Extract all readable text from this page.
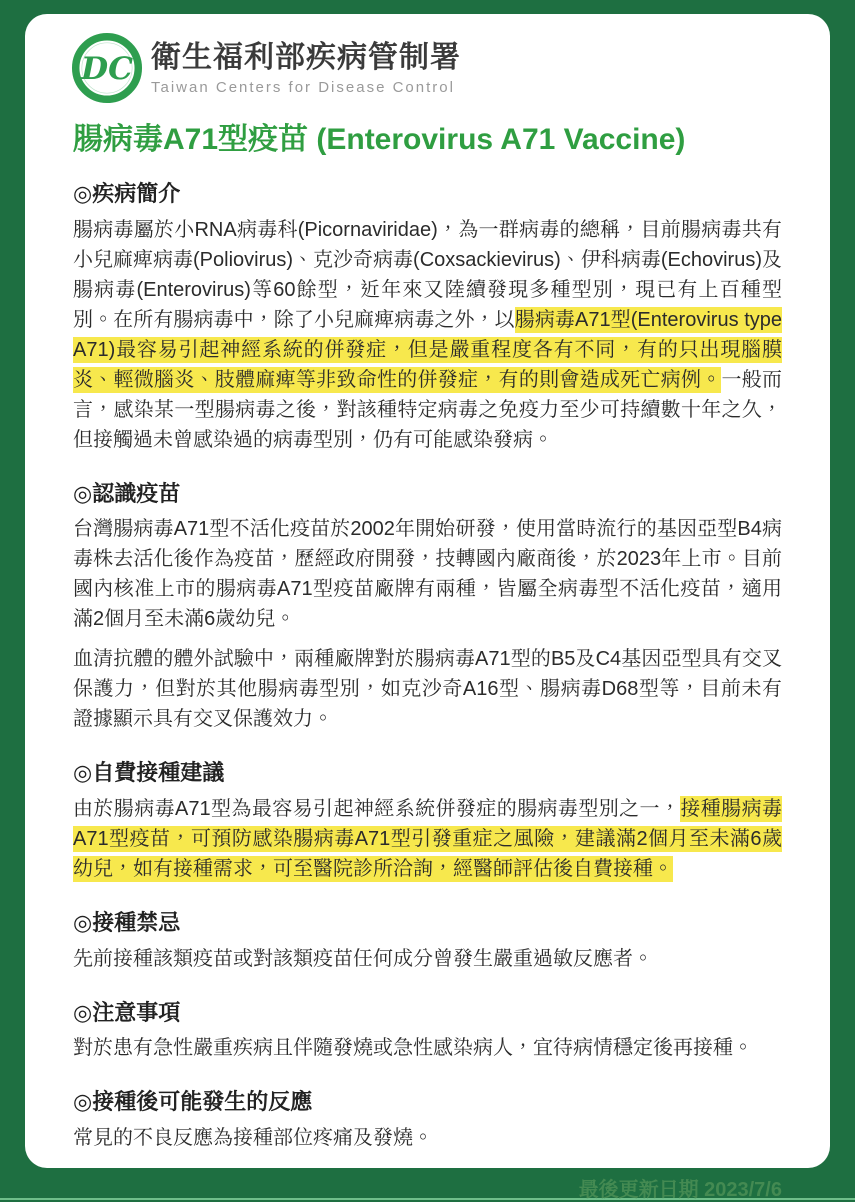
DC 衛生福利部疾病管制署
Taiwan Centers for Disease Control
腸病毒A71型疫苗 (Enterovirus A71 Vaccine)
◎疾病簡介

腸病毒屬於小RNA病毒科(Picornaviridae)，為一群病毒的總稱，目前腸病毒共有小兒麻痺病毒(Poliovirus)、克沙奇病毒(Coxsackievirus)、伊科病毒(Echovirus)及腸病毒(Enterovirus)等60餘型，近年來又陸續發現多種型別，現已有上百種型別。在所有腸病毒中，除了小兒麻痺病毒之外，以腸病毒A71型(Enterovirus type A71)最容易引起神經系統的併發症，但是嚴重程度各有不同，有的只出現腦膜炎、輕微腦炎、肢體麻痺等非致命性的併發症，有的則會造成死亡病例。一般而言，感染某一型腸病毒之後，對該種特定病毒之免疫力至少可持續數十年之久，但接觸過未曾感染過的病毒型別，仍有可能感染發病。

◎認識疫苗

台灣腸病毒A71型不活化疫苗於2002年開始研發，使用當時流行的基因亞型B4病毒株去活化後作為疫苗，歷經政府開發，技轉國內廠商後，於2023年上市。目前國內核准上市的腸病毒A71型疫苗廠牌有兩種，皆屬全病毒型不活化疫苗，適用滿2個月至未滿6歲幼兒。

血清抗體的體外試驗中，兩種廠牌對於腸病毒A71型的B5及C4基因亞型具有交叉保護力，但對於其他腸病毒型別，如克沙奇A16型、腸病毒D68型等，目前未有證據顯示具有交叉保護效力。

◎自費接種建議

由於腸病毒A71型為最容易引起神經系統併發症的腸病毒型別之一，接種腸病毒A71型疫苗，可預防感染腸病毒A71型引發重症之風險，建議滿2個月至未滿6歲幼兒，如有接種需求，可至醫院診所洽詢，經醫師評估後自費接種。

◎接種禁忌

先前接種該類疫苗或對該類疫苗任何成分曾發生嚴重過敏反應者。

◎注意事項

對於患有急性嚴重疾病且伴隨發燒或急性感染病人，宜待病情穩定後再接種。

◎接種後可能發生的反應

常見的不良反應為接種部位疼痛及發燒。

最後更新日期 2023/7/6
